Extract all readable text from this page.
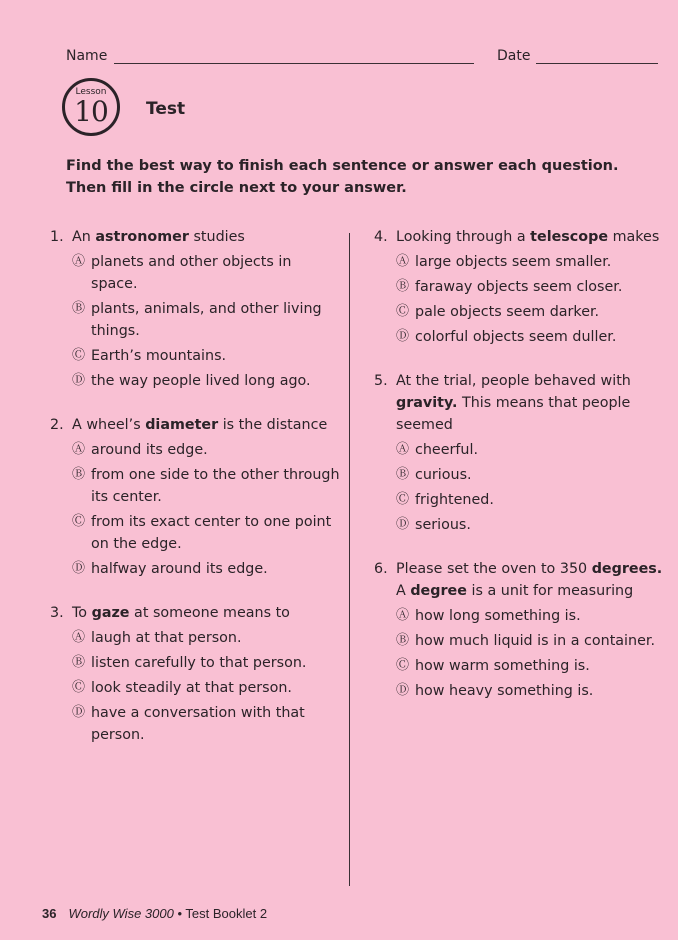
Name	Date
Lesson
10	Test
Find the best way to finish each sentence or answer each question. Then fill in the circle next to your answer.
1. An astronomer studies
Ⓐ planets and other objects in space.
Ⓑ plants, animals, and other living things.
Ⓒ Earth’s mountains.
Ⓓ the way people lived long ago.
2. A wheel’s diameter is the distance
Ⓐ around its edge.
Ⓑ from one side to the other through its center.
Ⓒ from its exact center to one point on the edge.
Ⓓ halfway around its edge.
3. To gaze at someone means to
Ⓐ laugh at that person.
Ⓑ listen carefully to that person.
Ⓒ look steadily at that person.
Ⓓ have a conversation with that person.
4. Looking through a telescope makes
Ⓐ large objects seem smaller.
Ⓑ faraway objects seem closer.
Ⓒ pale objects seem darker.
Ⓓ colorful objects seem duller.
5. At the trial, people behaved with gravity. This means that people seemed
Ⓐ cheerful.
Ⓑ curious.
Ⓒ frightened.
Ⓓ serious.
6. Please set the oven to 350 degrees.
A degree is a unit for measuring
Ⓐ how long something is.
Ⓑ how much liquid is in a container.
Ⓒ how warm something is.
Ⓓ how heavy something is.
36 Wordly Wise 3000 • Test Booklet 2
